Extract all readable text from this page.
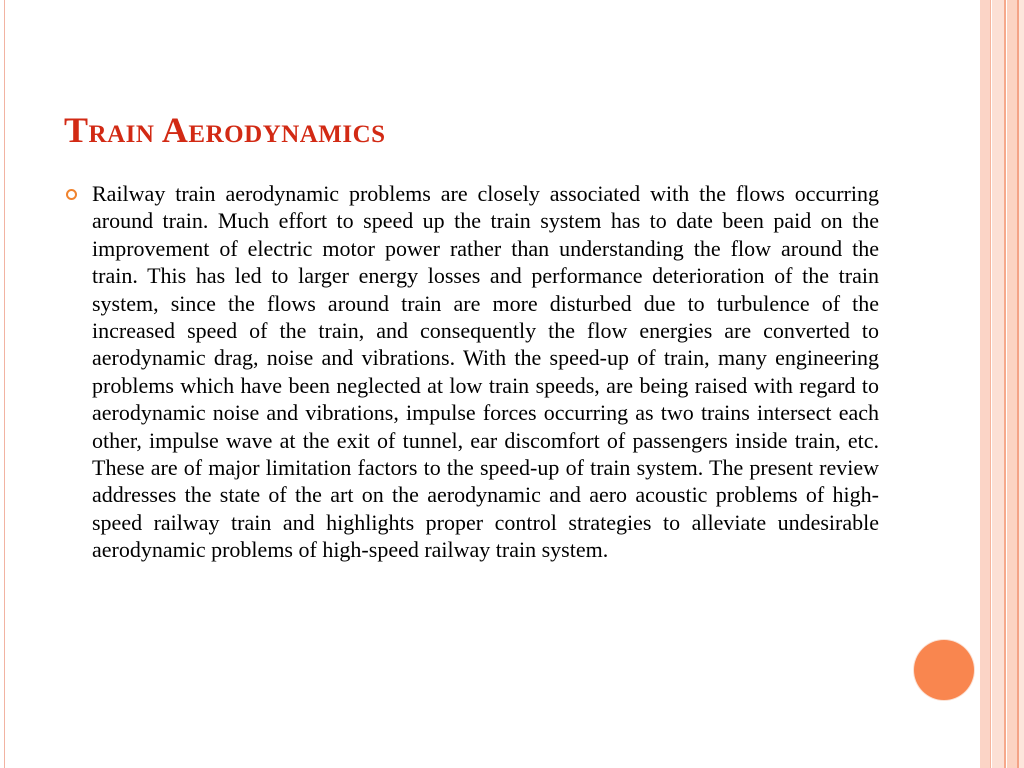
Train Aerodynamics

Railway train aerodynamic problems are closely associated with the flows occurring around train. Much effort to speed up the train system has to date been paid on the improvement of electric motor power rather than understanding the flow around the train. This has led to larger energy losses and performance deterioration of the train system, since the flows around train are more disturbed due to turbulence of the increased speed of the train, and consequently the flow energies are converted to aerodynamic drag, noise and vibrations. With the speed-up of train, many engineering problems which have been neglected at low train speeds, are being raised with regard to aerodynamic noise and vibrations, impulse forces occurring as two trains intersect each other, impulse wave at the exit of tunnel, ear discomfort of passengers inside train, etc. These are of major limitation factors to the speed-up of train system. The present review addresses the state of the art on the aerodynamic and aero acoustic problems of high-speed railway train and highlights proper control strategies to alleviate undesirable aerodynamic problems of high-speed railway train system.
